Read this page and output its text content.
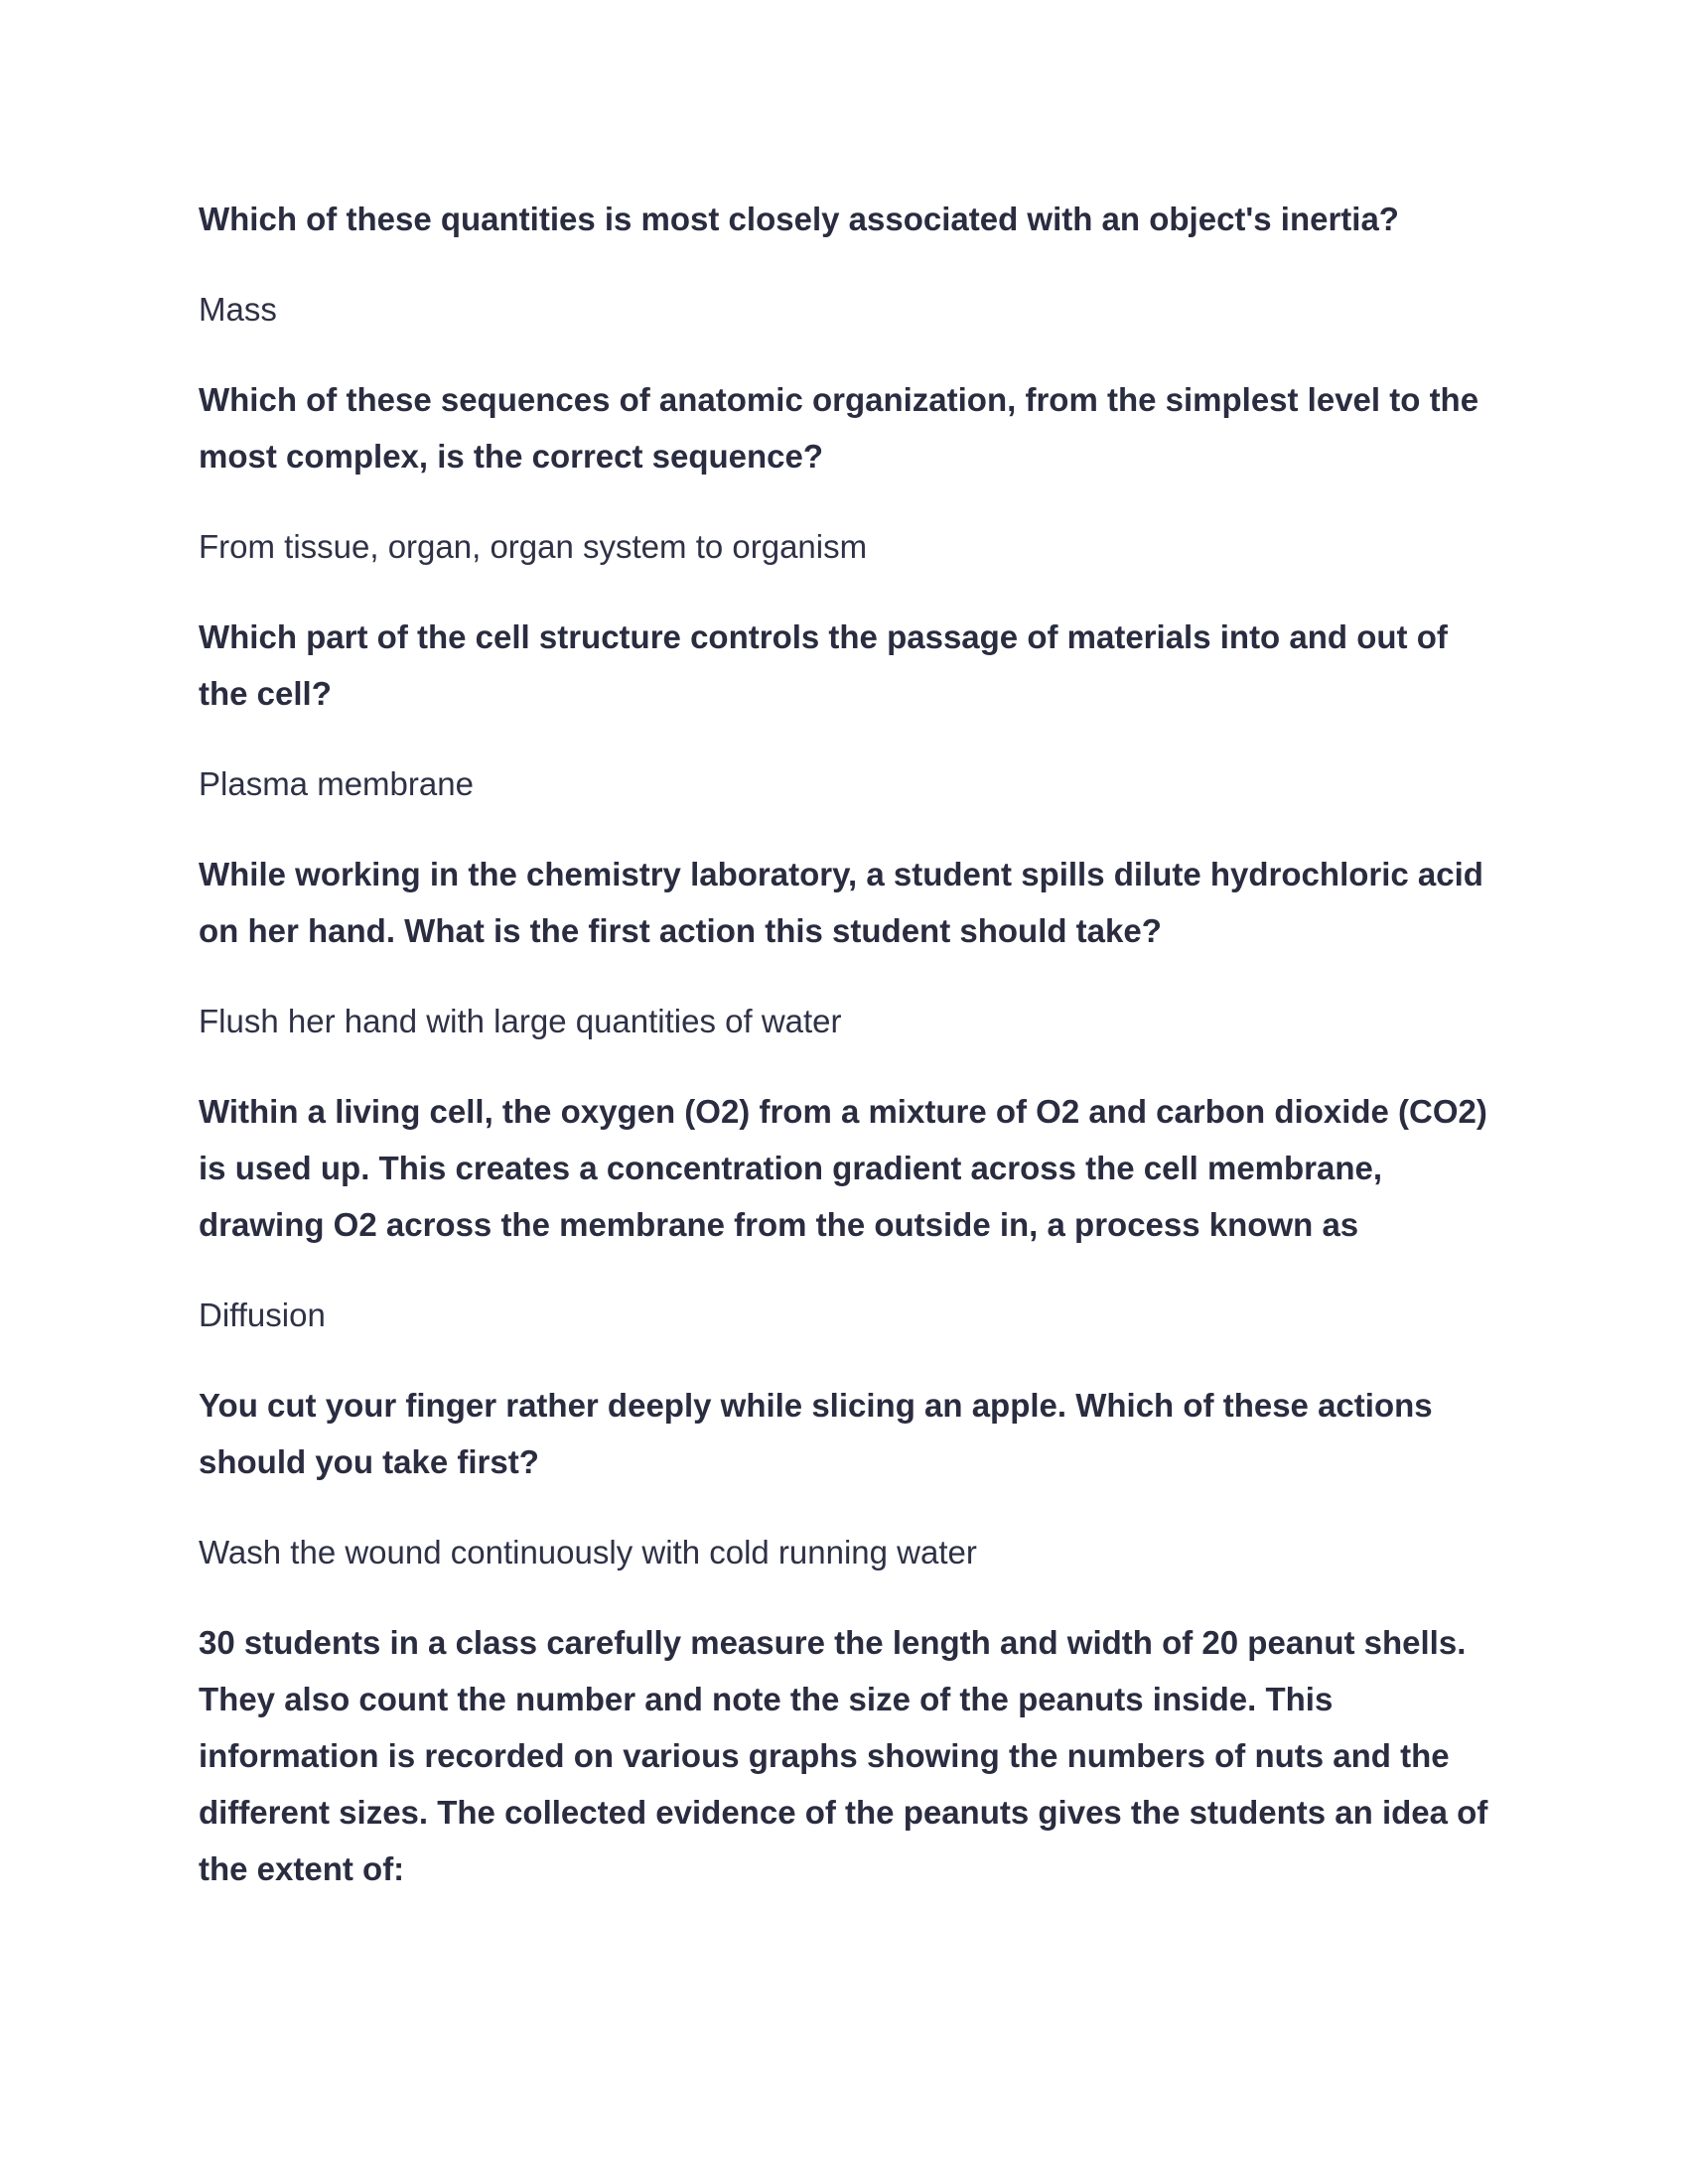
Which of these quantities is most closely associated with an object's inertia?

Mass

Which of these sequences of anatomic organization, from the simplest level to the most complex, is the correct sequence?

From tissue, organ, organ system to organism

Which part of the cell structure controls the passage of materials into and out of the cell?

Plasma membrane

While working in the chemistry laboratory, a student spills dilute hydrochloric acid on her hand. What is the first action this student should take?

Flush her hand with large quantities of water

Within a living cell, the oxygen (O2) from a mixture of O2 and carbon dioxide (CO2) is used up. This creates a concentration gradient across the cell membrane, drawing O2 across the membrane from the outside in, a process known as

Diffusion

You cut your finger rather deeply while slicing an apple. Which of these actions should you take first?

Wash the wound continuously with cold running water

30 students in a class carefully measure the length and width of 20 peanut shells. They also count the number and note the size of the peanuts inside. This information is recorded on various graphs showing the numbers of nuts and the different sizes. The collected evidence of the peanuts gives the students an idea of the extent of:
